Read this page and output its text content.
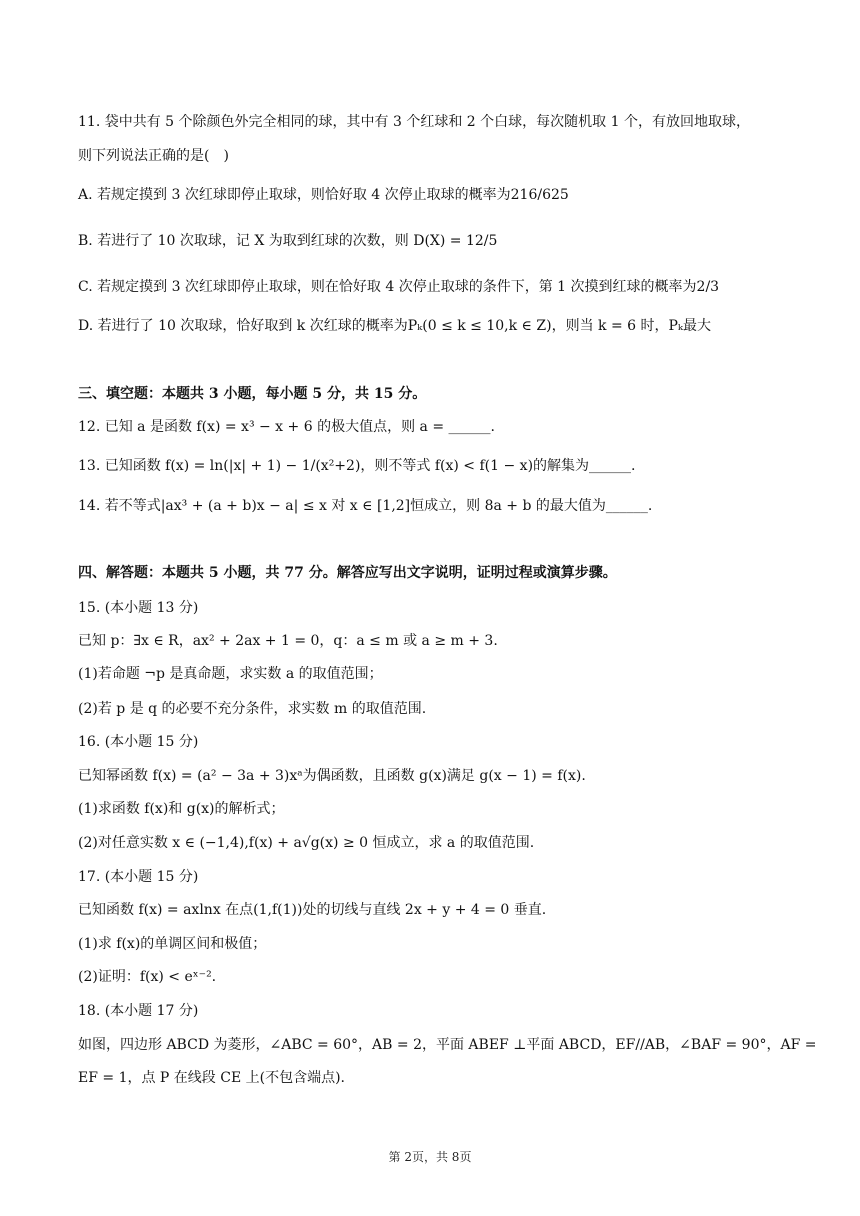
11. 袋中共有 5 个除颜色外完全相同的球，其中有 3 个红球和 2 个白球，每次随机取 1 个，有放回地取球，
则下列说法正确的是(　)
A. 若规定摸到 3 次红球即停止取球，则恰好取 4 次停止取球的概率为216/625
B. 若进行了 10 次取球，记 X 为取到红球的次数，则 D(X) = 12/5
C. 若规定摸到 3 次红球即停止取球，则在恰好取 4 次停止取球的条件下，第 1 次摸到红球的概率为2/3
D. 若进行了 10 次取球，恰好取到 k 次红球的概率为Pₖ(0 ≤ k ≤ 10,k ∈ Z)，则当 k = 6 时，Pₖ最大
三、填空题：本题共 3 小题，每小题 5 分，共 15 分。
12. 已知 a 是函数 f(x) = x³ − x + 6 的极大值点，则 a = ______.
13. 已知函数 f(x) = ln(|x| + 1) − 1/(x²+2)，则不等式 f(x) < f(1 − x)的解集为______.
14. 若不等式|ax³ + (a + b)x − a| ≤ x 对 x ∈ [1,2]恒成立，则 8a + b 的最大值为______.
四、解答题：本题共 5 小题，共 77 分。解答应写出文字说明，证明过程或演算步骤。
15. (本小题 13 分)
已知 p：∃x ∈ R，ax² + 2ax + 1 = 0，q：a ≤ m 或 a ≥ m + 3.
(1)若命题 ¬p 是真命题，求实数 a 的取值范围；
(2)若 p 是 q 的必要不充分条件，求实数 m 的取值范围.
16. (本小题 15 分)
已知幂函数 f(x) = (a² − 3a + 3)xᵃ为偶函数，且函数 g(x)满足 g(x − 1) = f(x).
(1)求函数 f(x)和 g(x)的解析式；
(2)对任意实数 x ∈ (−1,4),f(x) + a√g(x) ≥ 0 恒成立，求 a 的取值范围.
17. (本小题 15 分)
已知函数 f(x) = axlnx 在点(1,f(1))处的切线与直线 2x + y + 4 = 0 垂直.
(1)求 f(x)的单调区间和极值；
(2)证明：f(x) < eˣ⁻².
18. (本小题 17 分)
如图，四边形 ABCD 为菱形，∠ABC = 60°，AB = 2，平面 ABEF ⊥平面 ABCD，EF//AB，∠BAF = 90°，AF =
EF = 1，点 P 在线段 CE 上(不包含端点).
第 2页，共 8页
